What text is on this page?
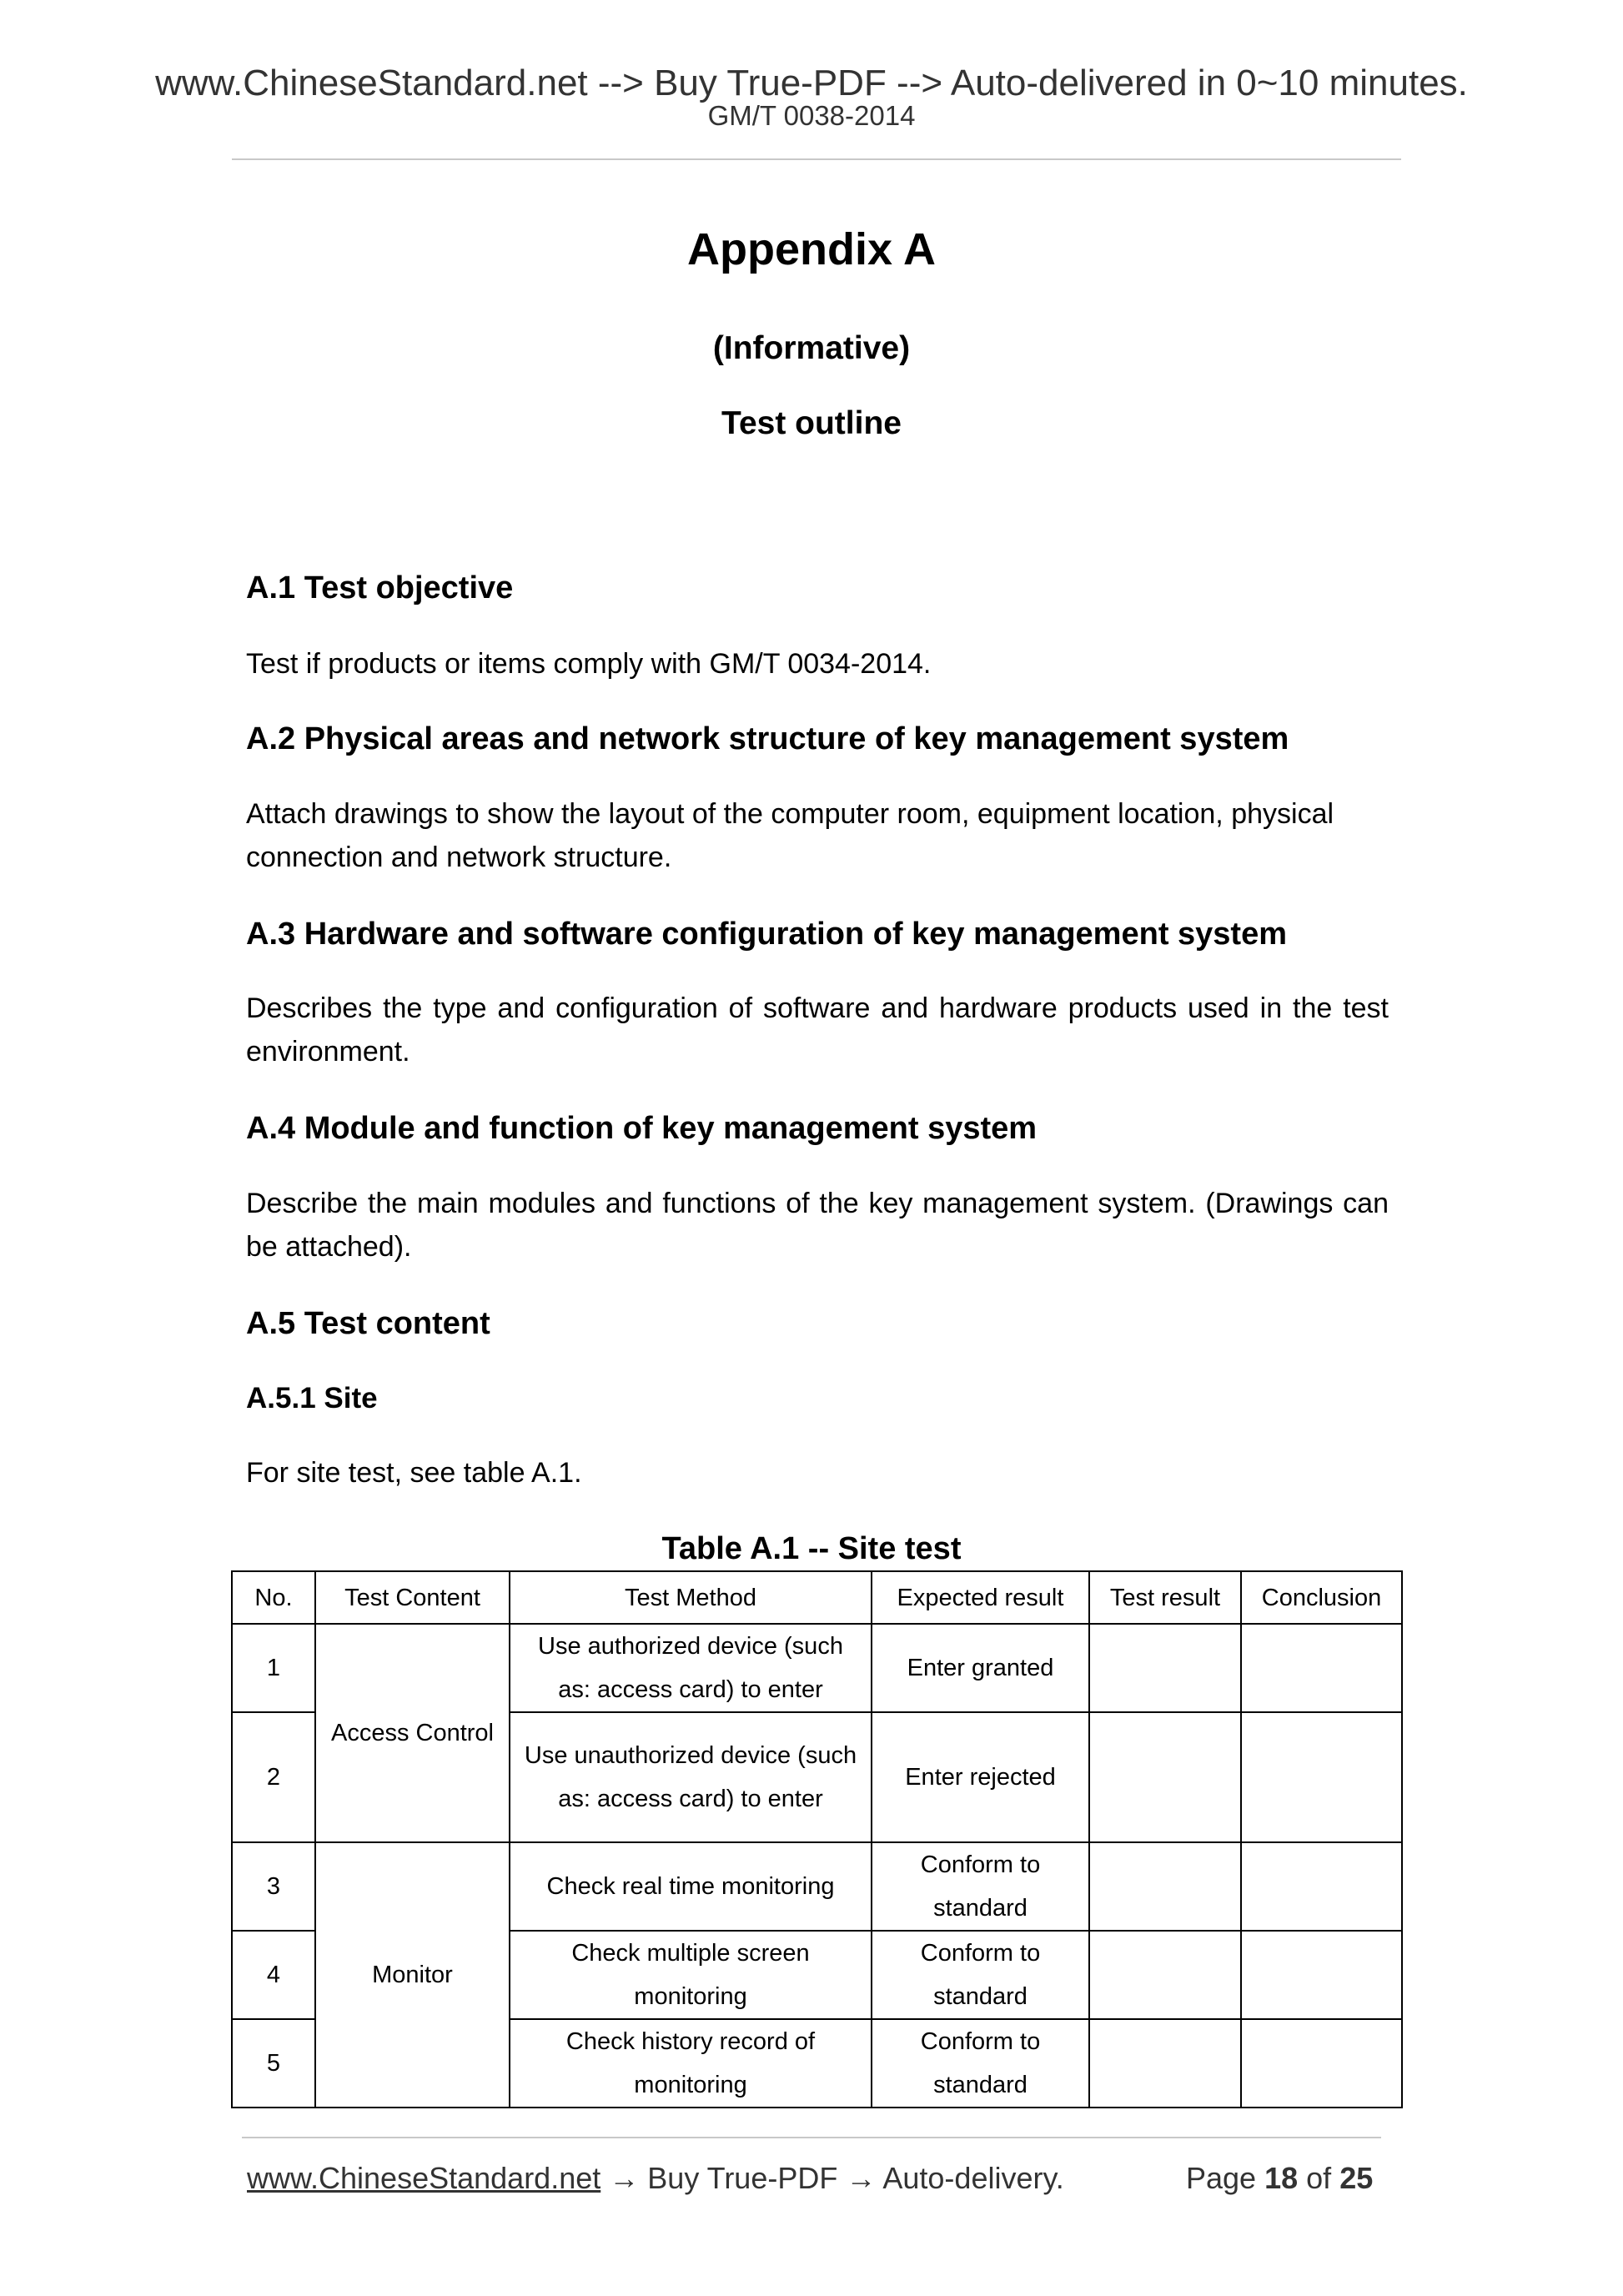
www.ChineseStandard.net --> Buy True-PDF --> Auto-delivered in 0~10 minutes.
GM/T 0038-2014
Appendix A
(Informative)
Test outline
A.1 Test objective
Test if products or items comply with GM/T 0034-2014.
A.2 Physical areas and network structure of key management system
Attach drawings to show the layout of the computer room, equipment location, physical connection and network structure.
A.3 Hardware and software configuration of key management system
Describes the type and configuration of software and hardware products used in the test environment.
A.4 Module and function of key management system
Describe the main modules and functions of the key management system. (Drawings can be attached).
A.5 Test content
A.5.1 Site
For site test, see table A.1.
Table A.1 -- Site test
No.	Test Content	Test Method	Expected result	Test result	Conclusion
1	Access Control	Use authorized device (such as: access card) to enter	Enter granted		
2		Use unauthorized device (such as: access card) to enter	Enter rejected		
3	Monitor	Check real time monitoring	Conform to standard		
4		Check multiple screen monitoring	Conform to standard		
5		Check history record of monitoring	Conform to standard		
www.ChineseStandard.net → Buy True-PDF → Auto-delivery.	Page 18 of 25
